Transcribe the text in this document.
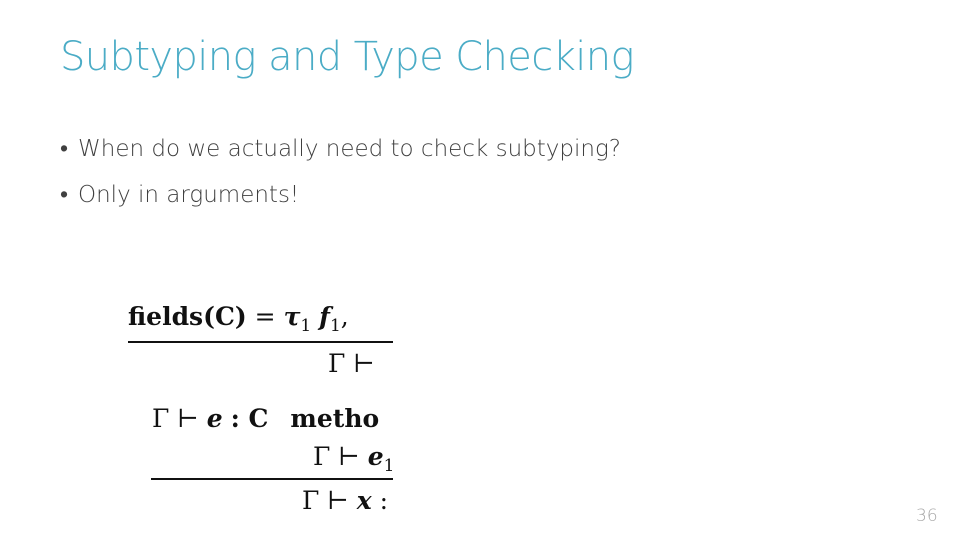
Subtyping and Type Checking
• When do we actually need to check subtyping?
• Only in arguments!
fields(C) = $\tau_1$ $f_1$,
Γ ⊢
Γ ⊢ e : C metho
Γ ⊢ $e_1$
Γ ⊢ x :
36
